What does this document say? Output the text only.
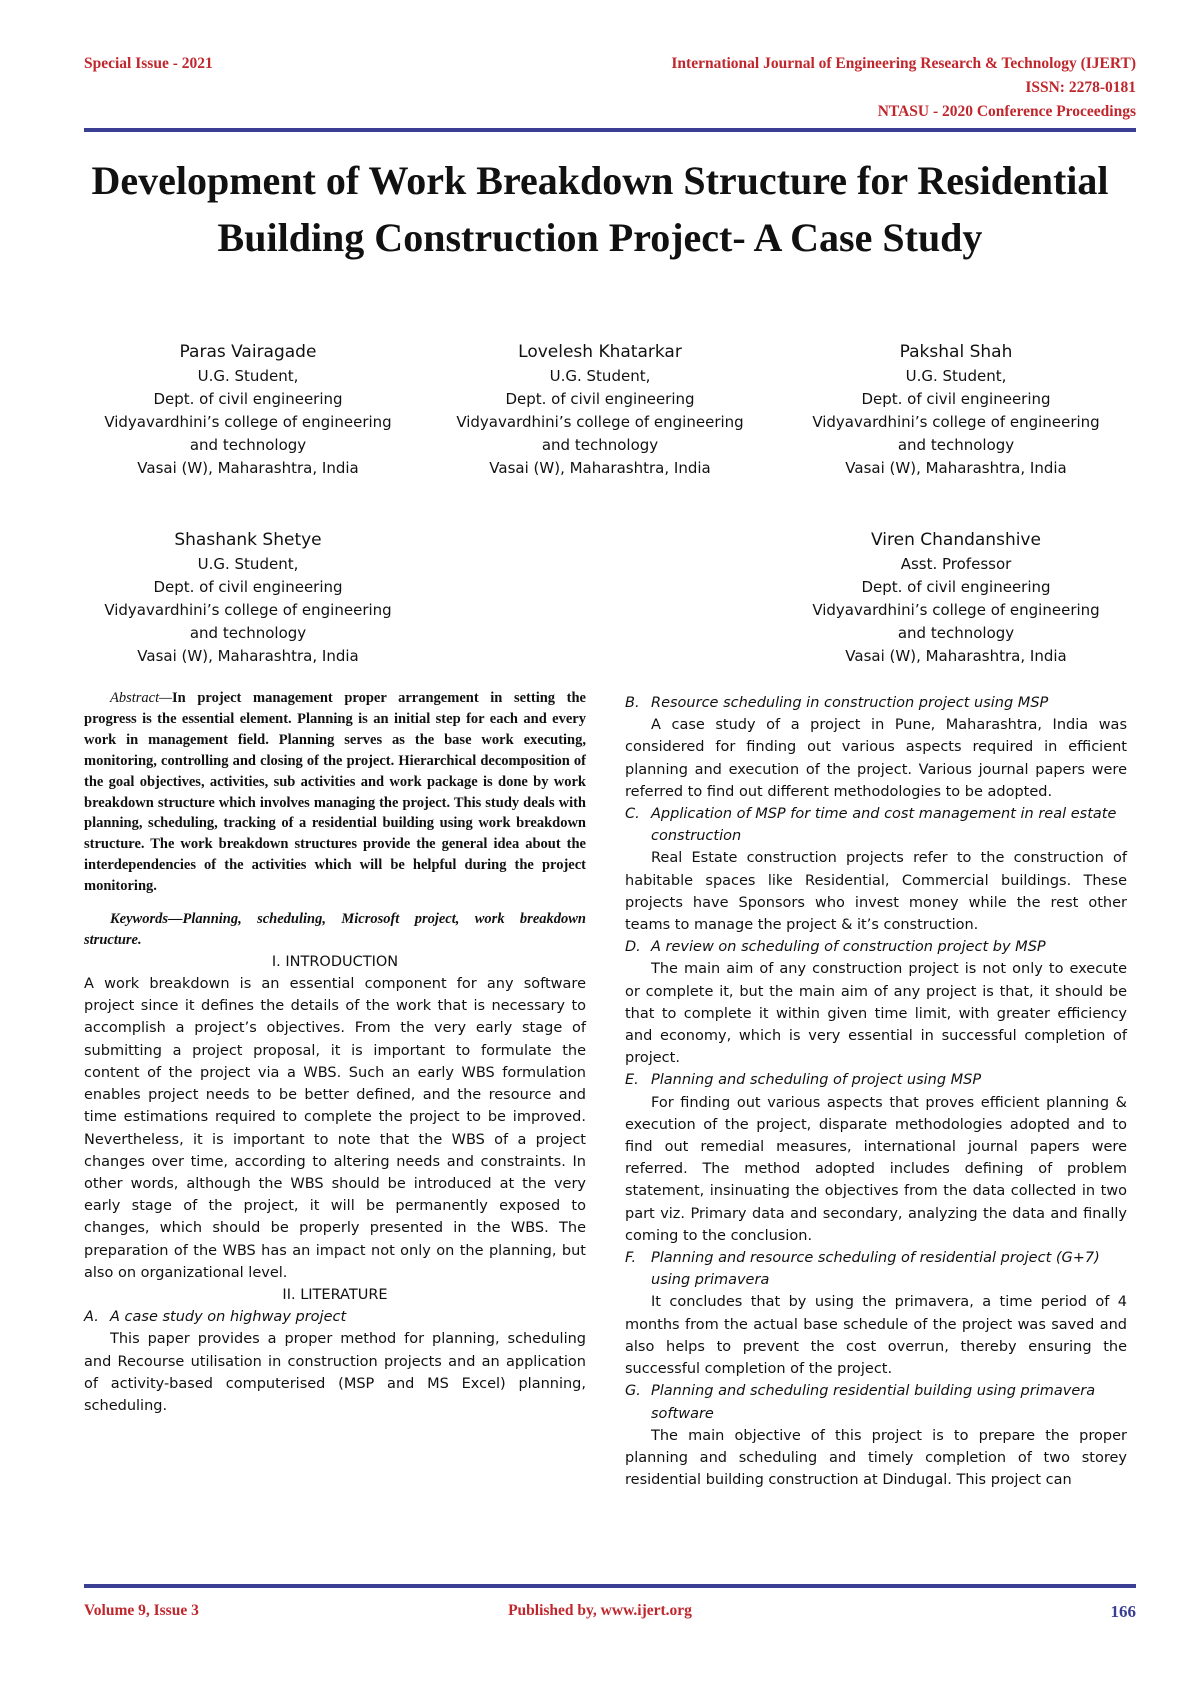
Special Issue - 2021	International Journal of Engineering Research & Technology (IJERT)
ISSN: 2278-0181
NTASU - 2020 Conference Proceedings
Development of Work Breakdown Structure for Residential Building Construction Project- A Case Study
Paras Vairagade
U.G. Student,
Dept. of civil engineering
Vidyavardhini’s college of engineering
and technology
Vasai (W), Maharashtra, India
Lovelesh Khatarkar
U.G. Student,
Dept. of civil engineering
Vidyavardhini’s college of engineering
and technology
Vasai (W), Maharashtra, India
Pakshal Shah
U.G. Student,
Dept. of civil engineering
Vidyavardhini’s college of engineering
and technology
Vasai (W), Maharashtra, India
Shashank Shetye
U.G. Student,
Dept. of civil engineering
Vidyavardhini’s college of engineering
and technology
Vasai (W), Maharashtra, India
Viren Chandanshive
Asst. Professor
Dept. of civil engineering
Vidyavardhini’s college of engineering
and technology
Vasai (W), Maharashtra, India

Abstract—In project management proper arrangement in setting the progress is the essential element. Planning is an initial step for each and every work in management field. Planning serves as the base work executing, monitoring, controlling and closing of the project. Hierarchical decomposition of the goal objectives, activities, sub activities and work package is done by work breakdown structure which involves managing the project. This study deals with planning, scheduling, tracking of a residential building using work breakdown structure. The work breakdown structures provide the general idea about the interdependencies of the activities which will be helpful during the project monitoring.

Keywords—Planning, scheduling, Microsoft project, work breakdown structure.

I. INTRODUCTION

A work breakdown is an essential component for any software project since it defines the details of the work that is necessary to accomplish a project’s objectives. From the very early stage of submitting a project proposal, it is important to formulate the content of the project via a WBS. Such an early WBS formulation enables project needs to be better defined, and the resource and time estimations required to complete the project to be improved. Nevertheless, it is important to note that the WBS of a project changes over time, according to altering needs and constraints. In other words, although the WBS should be introduced at the very early stage of the project, it will be permanently exposed to changes, which should be properly presented in the WBS. The preparation of the WBS has an impact not only on the planning, but also on organizational level.

II. LITERATURE

A. A case study on highway project

This paper provides a proper method for planning, scheduling and Recourse utilisation in construction projects and an application of activity-based computerised (MSP and MS Excel) planning, scheduling.

B. Resource scheduling in construction project using MSP

A case study of a project in Pune, Maharashtra, India was considered for finding out various aspects required in efficient planning and execution of the project. Various journal papers were referred to find out different methodologies to be adopted.

C. Application of MSP for time and cost management in real estate construction

Real Estate construction projects refer to the construction of habitable spaces like Residential, Commercial buildings. These projects have Sponsors who invest money while the rest other teams to manage the project & it’s construction.

D. A review on scheduling of construction project by MSP

The main aim of any construction project is not only to execute or complete it, but the main aim of any project is that, it should be that to complete it within given time limit, with greater efficiency and economy, which is very essential in successful completion of project.

E. Planning and scheduling of project using MSP

For finding out various aspects that proves efficient planning & execution of the project, disparate methodologies adopted and to find out remedial measures, international journal papers were referred. The method adopted includes defining of problem statement, insinuating the objectives from the data collected in two part viz. Primary data and secondary, analyzing the data and finally coming to the conclusion.

F. Planning and resource scheduling of residential project (G+7) using primavera

It concludes that by using the primavera, a time period of 4 months from the actual base schedule of the project was saved and also helps to prevent the cost overrun, thereby ensuring the successful completion of the project.

G. Planning and scheduling residential building using primavera software

The main objective of this project is to prepare the proper planning and scheduling and timely completion of two storey residential building construction at Dindugal. This project can

Volume 9, Issue 3	Published by, www.ijert.org	166
